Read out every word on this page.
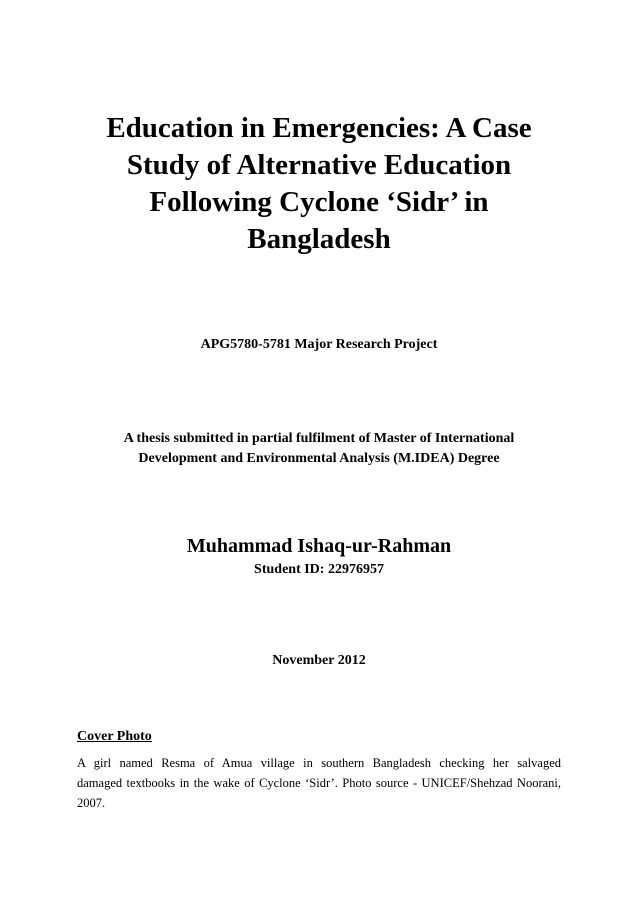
Education in Emergencies: A Case
Study of Alternative Education
Following Cyclone ‘Sidr’ in
Bangladesh
APG5780-5781 Major Research Project
A thesis submitted in partial fulfilment of Master of International
Development and Environmental Analysis (M.IDEA) Degree
Muhammad Ishaq-ur-Rahman
Student ID: 22976957
November 2012
Cover Photo
A girl named Resma of Amua village in southern Bangladesh checking her salvaged
damaged textbooks in the wake of Cyclone ‘Sidr’. Photo source - UNICEF/Shehzad Noorani,
2007.
